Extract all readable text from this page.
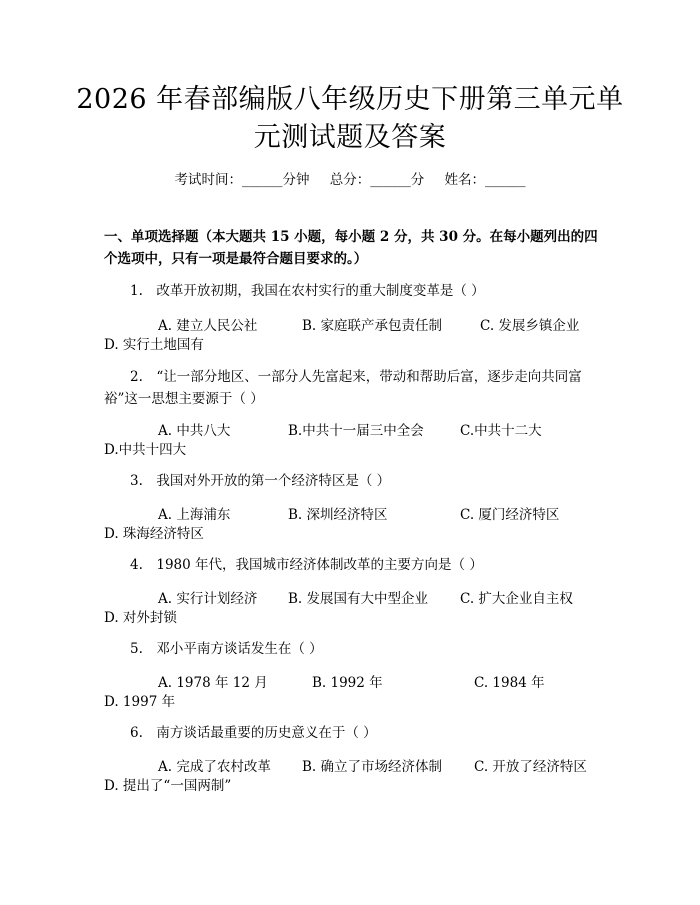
2026 年春部编版八年级历史下册第三单元单
元测试题及答案
考试时间：______分钟 总分：______分 姓名：______
一、单项选择题（本大题共 15 小题，每小题 2 分，共 30 分。在每小题列出的四个选项中，只有一项是最符合题目要求的。）
1.　改革开放初期，我国在农村实行的重大制度变革是（ ）
A. 建立人民公社	B. 家庭联产承包责任制	C. 发展乡镇企业
D. 实行土地国有
2.　“让一部分地区、一部分人先富起来，带动和帮助后富，逐步走向共同富裕”这一思想主要源于（ ）
A. 中共八大	B.中共十一届三中全会	C.中共十二大
D.中共十四大
3.　我国对外开放的第一个经济特区是（ ）
A. 上海浦东	B. 深圳经济特区	C. 厦门经济特区
D. 珠海经济特区
4.　1980 年代，我国城市经济体制改革的主要方向是（ ）
A. 实行计划经济 B. 发展国有大中型企业 C. 扩大企业自主权
D. 对外封锁
5.　邓小平南方谈话发生在（ ）
A. 1978 年 12 月	B. 1992 年	C. 1984 年
D. 1997 年
6.　南方谈话最重要的历史意义在于（ ）
A. 完成了农村改革 B. 确立了市场经济体制 C. 开放了经济特区
D. 提出了“一国两制”
